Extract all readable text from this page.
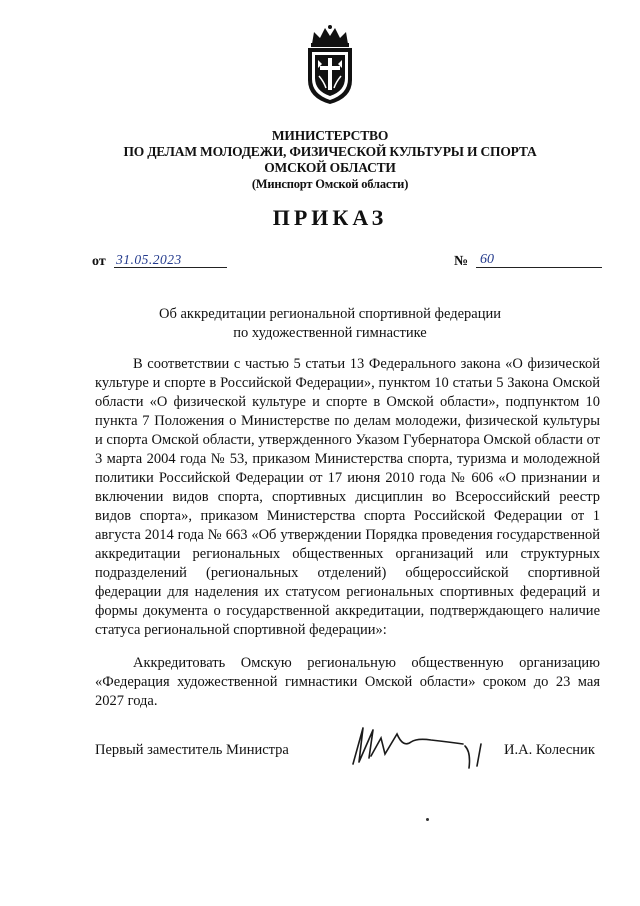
МИНИСТЕРСТВО
ПО ДЕЛАМ МОЛОДЕЖИ, ФИЗИЧЕСКОЙ КУЛЬТУРЫ И СПОРТА
ОМСКОЙ ОБЛАСТИ
(Минспорт Омской области)
ПРИКАЗ
от 31.05.2023	№ 60
Об аккредитации региональной спортивной федерации
по художественной гимнастике

В соответствии с частью 5 статьи 13 Федерального закона «О физической культуре и спорте в Российской Федерации», пунктом 10 статьи 5 Закона Омской области «О физической культуре и спорте в Омской области», подпунктом 10 пункта 7 Положения о Министерстве по делам молодежи, физической культуры и спорта Омской области, утвержденного Указом Губернатора Омской области от 3 марта 2004 года № 53, приказом Министерства спорта, туризма и молодежной политики Российской Федерации от 17 июня 2010 года № 606 «О признании и включении видов спорта, спортивных дисциплин во Всероссийский реестр видов спорта», приказом Министерства спорта Российской Федерации от 1 августа 2014 года № 663 «Об утверждении Порядка проведения государственной аккредитации региональных общественных организаций или структурных подразделений (региональных отделений) общероссийской спортивной федерации для наделения их статусом региональных спортивных федераций и формы документа о государственной аккредитации, подтверждающего наличие статуса региональной спортивной федерации»:

Аккредитовать Омскую региональную общественную организацию «Федерация художественной гимнастики Омской области» сроком до 23 мая 2027 года.

Первый заместитель Министра	И.А. Колесник
